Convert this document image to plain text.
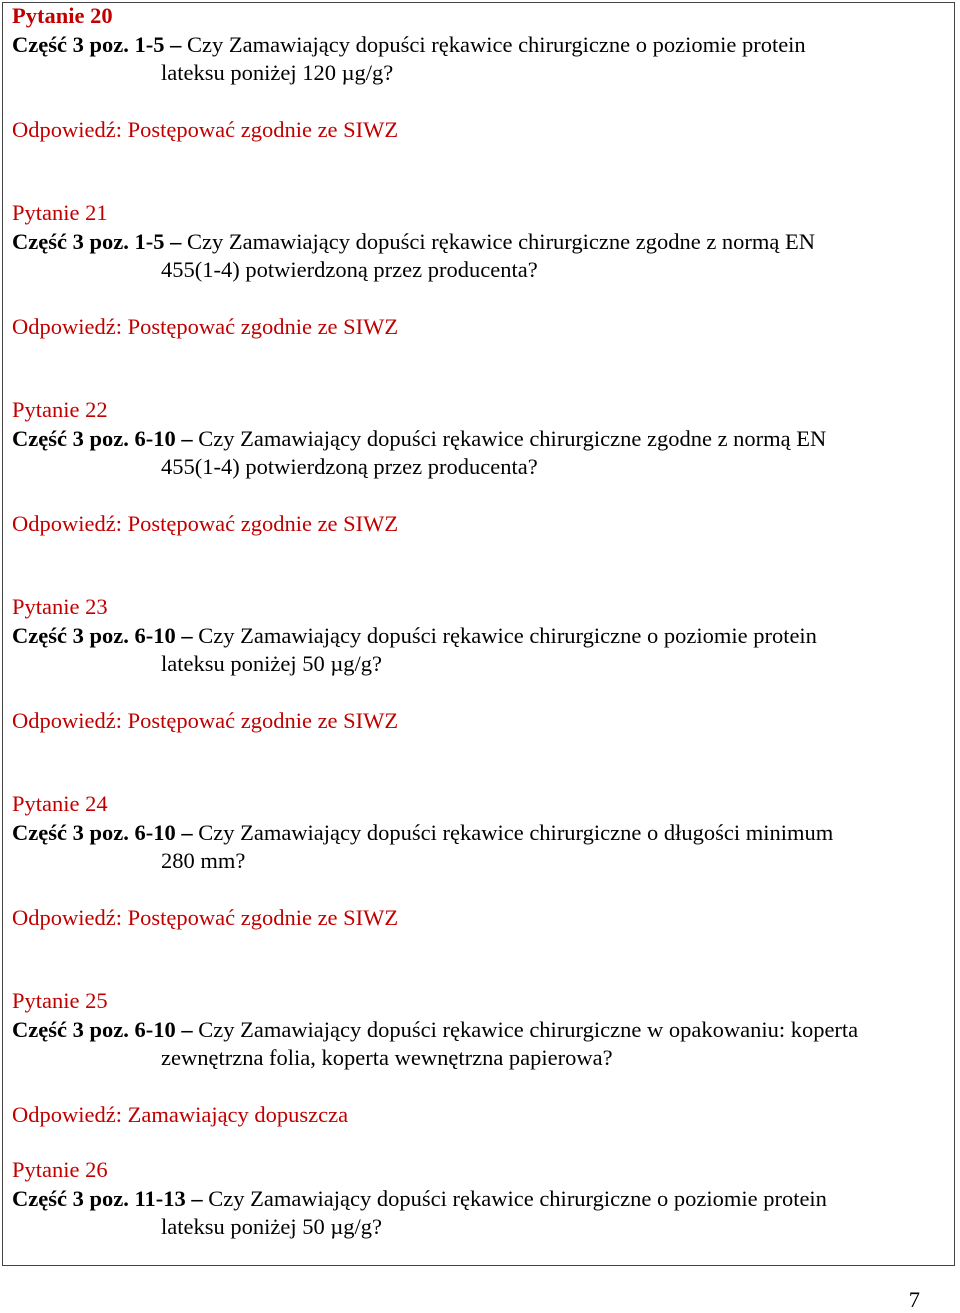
Pytanie 20
Część 3 poz. 1-5 – Czy Zamawiający dopuści rękawice chirurgiczne o poziomie protein
lateksu poniżej 120 µg/g?
Odpowiedź: Postępować zgodnie ze SIWZ
Pytanie 21
Część 3 poz. 1-5 – Czy Zamawiający dopuści rękawice chirurgiczne zgodne z normą EN
455(1-4) potwierdzoną przez producenta?
Odpowiedź: Postępować zgodnie ze SIWZ
Pytanie 22
Część 3 poz. 6-10 – Czy Zamawiający dopuści rękawice chirurgiczne zgodne z normą EN
455(1-4) potwierdzoną przez producenta?
Odpowiedź: Postępować zgodnie ze SIWZ
Pytanie 23
Część 3 poz. 6-10 – Czy Zamawiający dopuści rękawice chirurgiczne o poziomie protein
lateksu poniżej 50 µg/g?
Odpowiedź: Postępować zgodnie ze SIWZ
Pytanie 24
Część 3 poz. 6-10 – Czy Zamawiający dopuści rękawice chirurgiczne o długości minimum
280 mm?
Odpowiedź: Postępować zgodnie ze SIWZ
Pytanie 25
Część 3 poz. 6-10 – Czy Zamawiający dopuści rękawice chirurgiczne w opakowaniu: koperta
zewnętrzna folia, koperta wewnętrzna papierowa?
Odpowiedź: Zamawiający dopuszcza
Pytanie 26
Część 3 poz. 11-13 – Czy Zamawiający dopuści rękawice chirurgiczne o poziomie protein
lateksu poniżej 50 µg/g?
7
